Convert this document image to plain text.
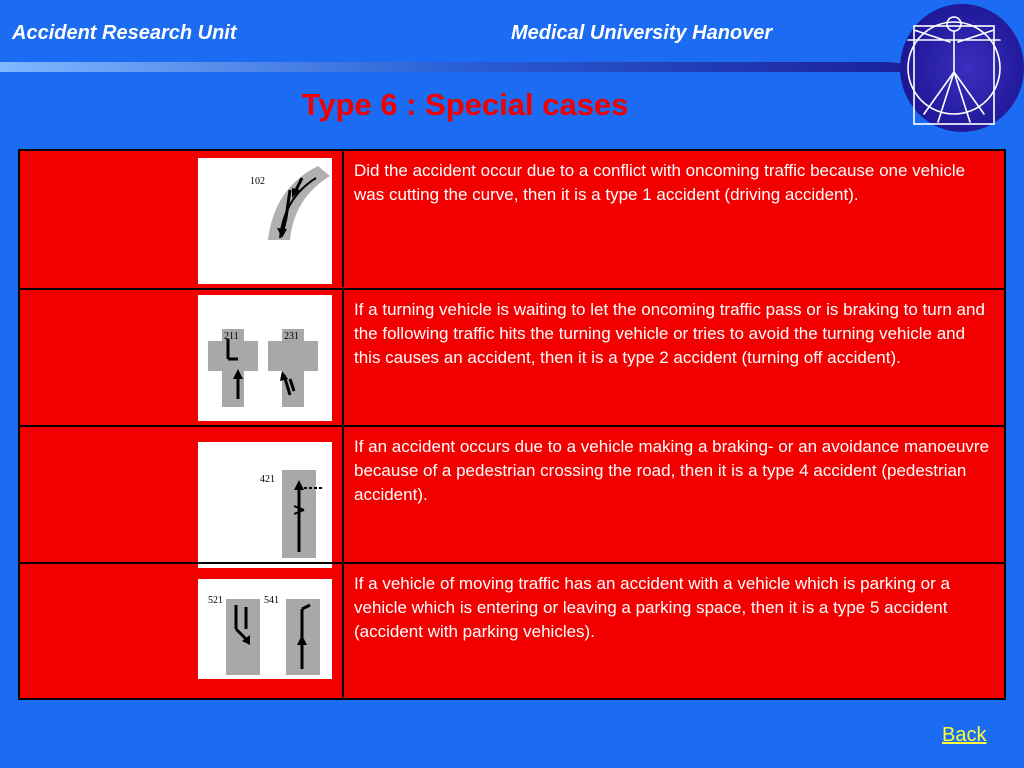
Accident Research Unit	Medical University Hanover
Type 6 : Special cases
102
Did the accident occur due to a conflict with oncoming traffic because one vehicle was cutting the curve, then it is a type 1 accident (driving accident).
211	231
If a turning vehicle is waiting to let the oncoming traffic pass or is braking to turn and the following traffic hits the turning vehicle or tries to avoid the turning vehicle and this causes an accident, then it is a type 2 accident (turning off accident).
421
If an accident occurs due to a vehicle making a braking- or an avoidance manoeuvre because of a pedestrian crossing the road, then it is a type 4 accident (pedestrian accident).
521	541
If a vehicle of moving traffic has an accident with a vehicle which is parking or a vehicle which is entering or leaving a parking space, then it is a type 5 accident (accident with parking vehicles).
Back
